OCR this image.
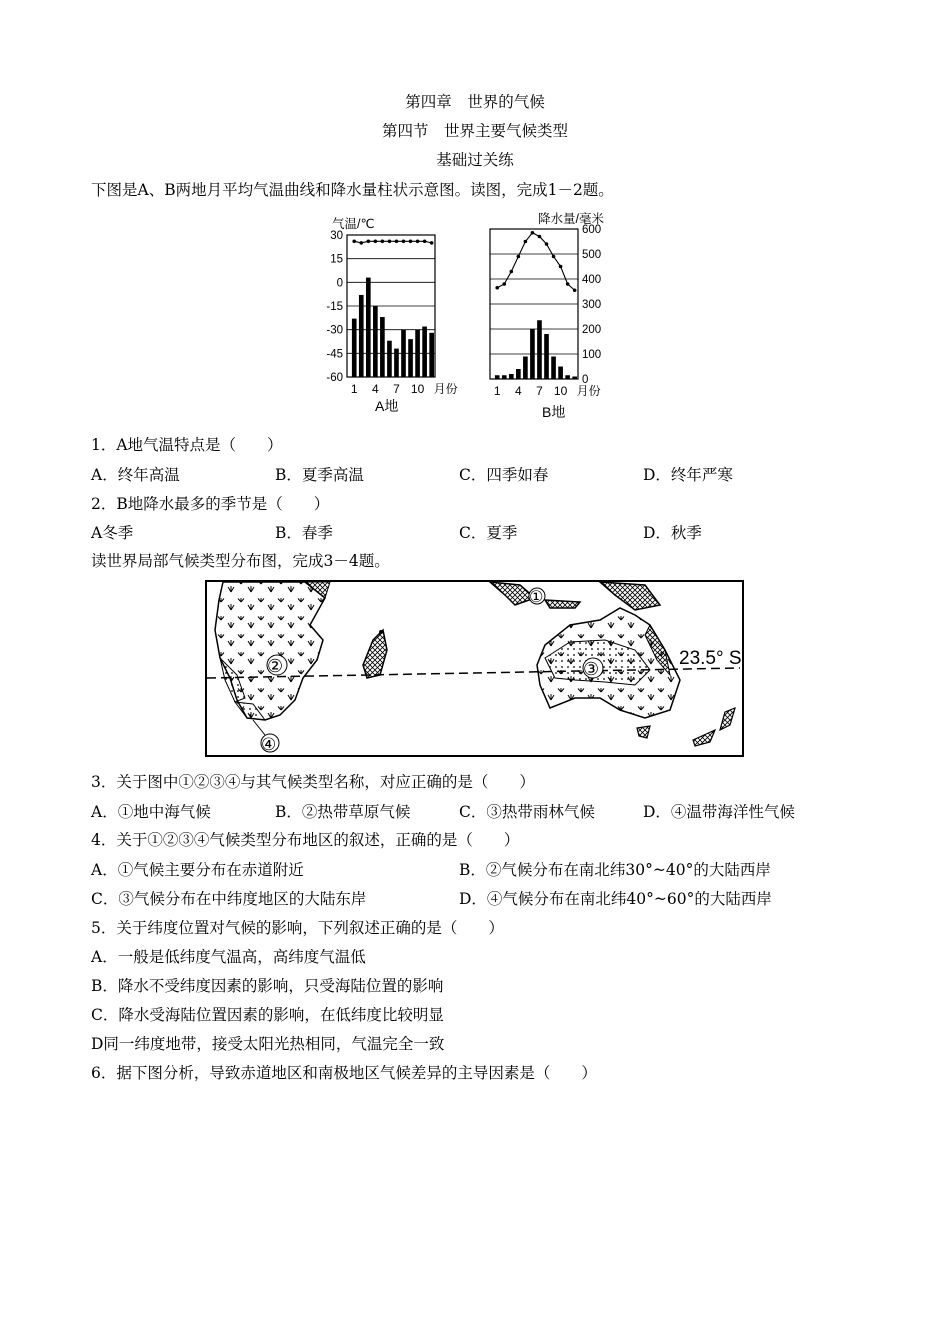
第四章　世界的气候
第四节　世界主要气候类型
基础过关练
下图是A、B两地月平均气温曲线和降水量柱状示意图。读图，完成1－2题。
气温/℃
30
15
0
-15
-30
-45
-60
1 4 7 10 月份
A地
降水量/毫米
600
500
400
300
200
100
0
1 4 7 10 月份
B地
1．A地气温特点是（　　）
A．终年高温	B．夏季高温	C．四季如春	D．终年严寒
2．B地降水最多的季节是（　　）
A冬季	B．春季	C．夏季	D．秋季
读世界局部气候类型分布图，完成3－4题。
23.5° S
①
②	③
④
3．关于图中①②③④与其气候类型名称，对应正确的是（　　）
A．①地中海气候	B．②热带草原气候	C．③热带雨林气候	D．④温带海洋性气候
4．关于①②③④气候类型分布地区的叙述，正确的是（　　）
A．①气候主要分布在赤道附近	B．②气候分布在南北纬30°~40°的大陆西岸
C．③气候分布在中纬度地区的大陆东岸	D．④气候分布在南北纬40°~60°的大陆西岸
5．关于纬度位置对气候的影响，下列叙述正确的是（　　）
A．一般是低纬度气温高，高纬度气温低
B．降水不受纬度因素的影响，只受海陆位置的影响
C．降水受海陆位置因素的影响，在低纬度比较明显
D同一纬度地带，接受太阳光热相同，气温完全一致
6．据下图分析，导致赤道地区和南极地区气候差异的主导因素是（　　）
